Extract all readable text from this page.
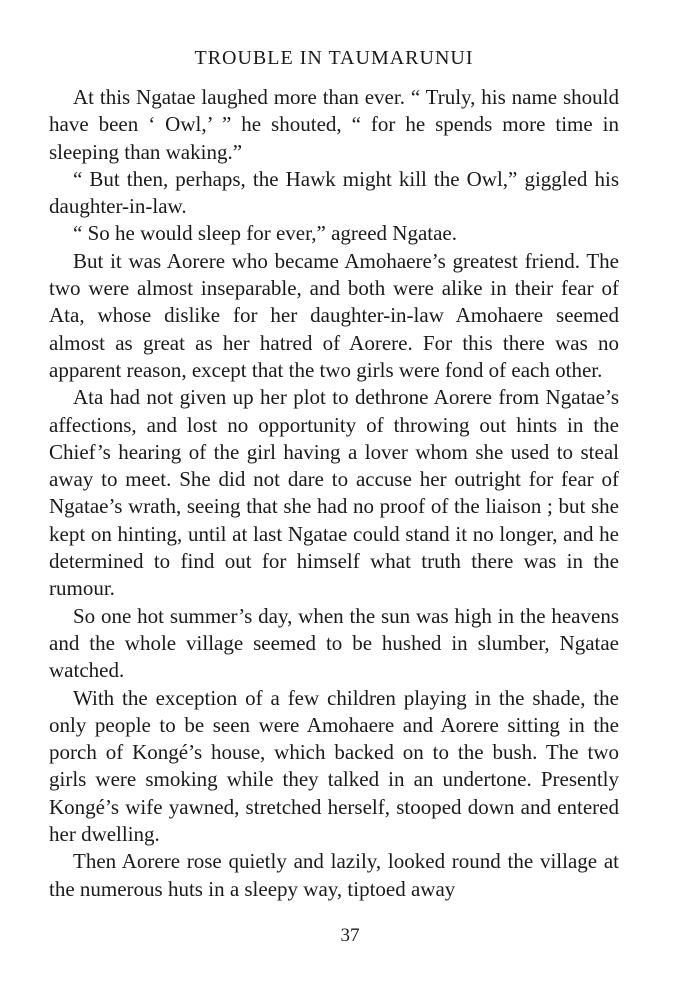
TROUBLE IN TAUMARUNUI

At this Ngatae laughed more than ever. “ Truly, his name should have been ‘ Owl,’ ” he shouted, “ for he spends more time in sleeping than waking.”

“ But then, perhaps, the Hawk might kill the Owl,” giggled his daughter-in-law.

“ So he would sleep for ever,” agreed Ngatae.

But it was Aorere who became Amohaere’s greatest friend. The two were almost inseparable, and both were alike in their fear of Ata, whose dislike for her daughter-in-law Amohaere seemed almost as great as her hatred of Aorere. For this there was no apparent reason, except that the two girls were fond of each other.

Ata had not given up her plot to dethrone Aorere from Ngatae’s affections, and lost no opportunity of throwing out hints in the Chief’s hearing of the girl having a lover whom she used to steal away to meet. She did not dare to accuse her outright for fear of Ngatae’s wrath, seeing that she had no proof of the liaison ; but she kept on hinting, until at last Ngatae could stand it no longer, and he determined to find out for himself what truth there was in the rumour.

So one hot summer’s day, when the sun was high in the heavens and the whole village seemed to be hushed in slumber, Ngatae watched.

With the exception of a few children playing in the shade, the only people to be seen were Amohaere and Aorere sitting in the porch of Kongé’s house, which backed on to the bush. The two girls were smoking while they talked in an undertone. Presently Kongé’s wife yawned, stretched herself, stooped down and entered her dwelling.

Then Aorere rose quietly and lazily, looked round the village at the numerous huts in a sleepy way, tiptoed away

37
